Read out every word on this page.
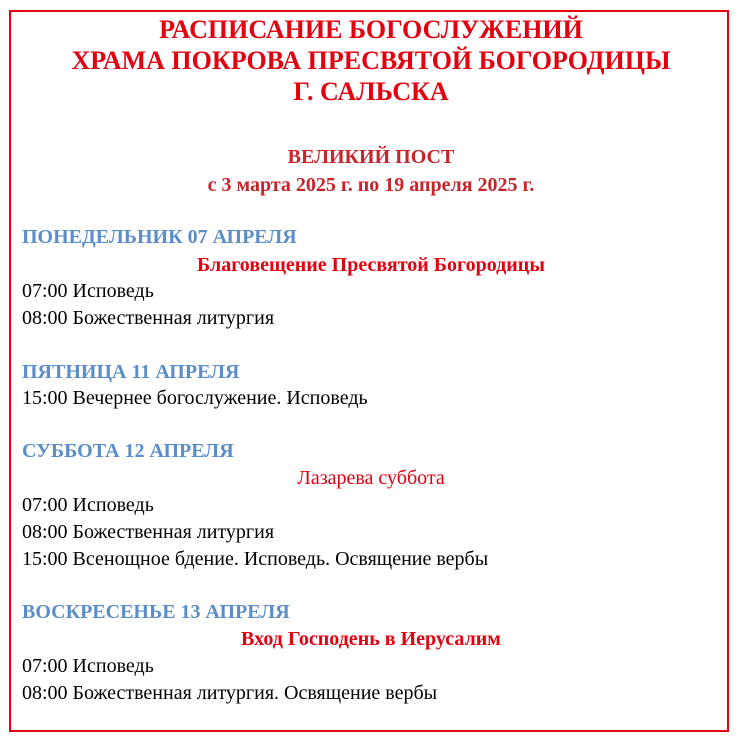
РАСПИСАНИЕ БОГОСЛУЖЕНИЙ
ХРАМА ПОКРОВА ПРЕСВЯТОЙ БОГОРОДИЦЫ
Г. САЛЬСКА
ВЕЛИКИЙ ПОСТ
с 3 марта 2025 г. по 19 апреля 2025 г.
ПОНЕДЕЛЬНИК 07 АПРЕЛЯ
Благовещение Пресвятой Богородицы
07:00 Исповедь
08:00 Божественная литургия
ПЯТНИЦА 11 АПРЕЛЯ
15:00 Вечернее богослужение. Исповедь
СУББОТА 12 АПРЕЛЯ
Лазарева суббота
07:00 Исповедь
08:00 Божественная литургия
15:00 Всенощное бдение. Исповедь. Освящение вербы
ВОСКРЕСЕНЬЕ 13 АПРЕЛЯ
Вход Господень в Иерусалим
07:00 Исповедь
08:00 Божественная литургия. Освящение вербы
